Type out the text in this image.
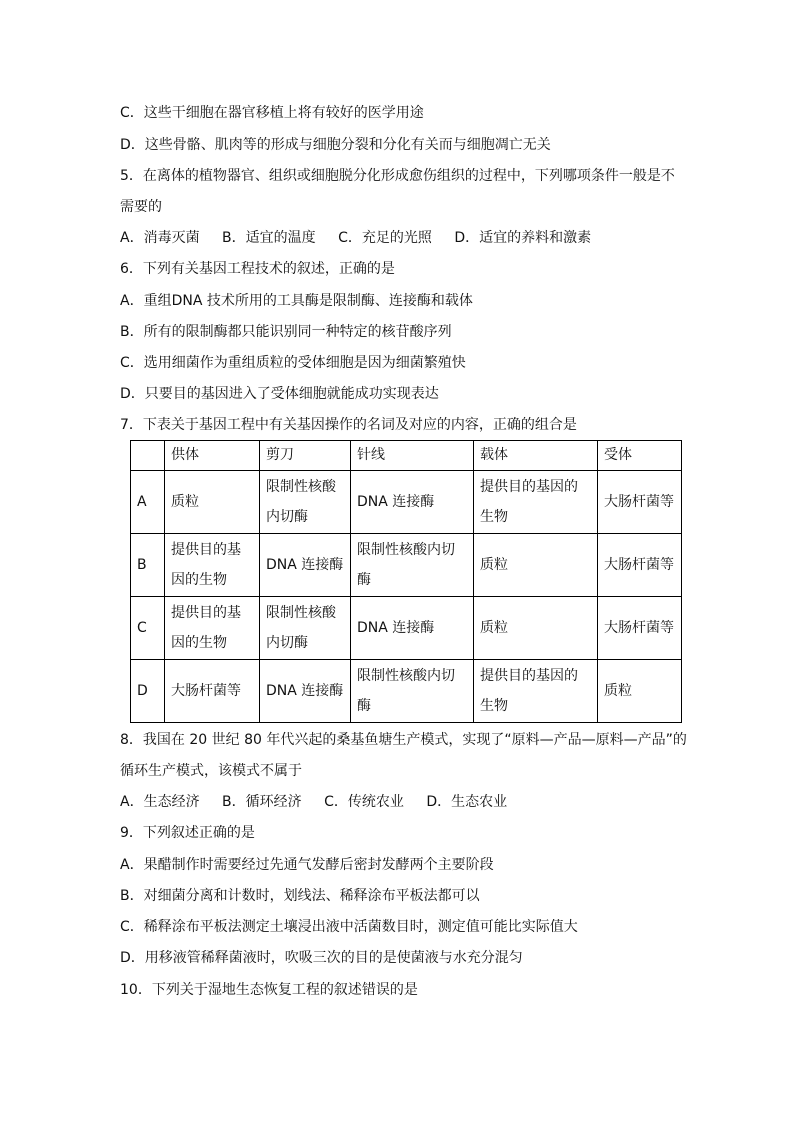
C．这些干细胞在器官移植上将有较好的医学用途
D．这些骨骼、肌肉等的形成与细胞分裂和分化有关而与细胞凋亡无关
5．在离体的植物器官、组织或细胞脱分化形成愈伤组织的过程中，下列哪项条件一般是不
需要的
A．消毒灭菌 B．适宜的温度 C．充足的光照 D．适宜的养料和激素
6．下列有关基因工程技术的叙述，正确的是
A．重组DNA 技术所用的工具酶是限制酶、连接酶和载体
B．所有的限制酶都只能识别同一种特定的核苷酸序列
C．选用细菌作为重组质粒的受体细胞是因为细菌繁殖快
D．只要目的基因进入了受体细胞就能成功实现表达
7．下表关于基因工程中有关基因操作的名词及对应的内容，正确的组合是
	供体	剪刀	针线	载体	受体
A	质粒	限制性核酸内切酶	DNA 连接酶	提供目的基因的生物	大肠杆菌等
B	提供目的基因的生物	DNA 连接酶	限制性核酸内切酶	质粒	大肠杆菌等
C	提供目的基因的生物	限制性核酸内切酶	DNA 连接酶	质粒	大肠杆菌等
D	大肠杆菌等	DNA 连接酶	限制性核酸内切酶	提供目的基因的生物	质粒
8．我国在 20 世纪 80 年代兴起的桑基鱼塘生产模式，实现了“原料—产品—原料—产品”的
循环生产模式，该模式不属于
A．生态经济 B．循环经济 C．传统农业 D．生态农业
9．下列叙述正确的是
A．果醋制作时需要经过先通气发酵后密封发酵两个主要阶段
B．对细菌分离和计数时，划线法、稀释涂布平板法都可以
C．稀释涂布平板法测定土壤浸出液中活菌数目时，测定值可能比实际值大
D．用移液管稀释菌液时，吹吸三次的目的是使菌液与水充分混匀
10．下列关于湿地生态恢复工程的叙述错误的是
